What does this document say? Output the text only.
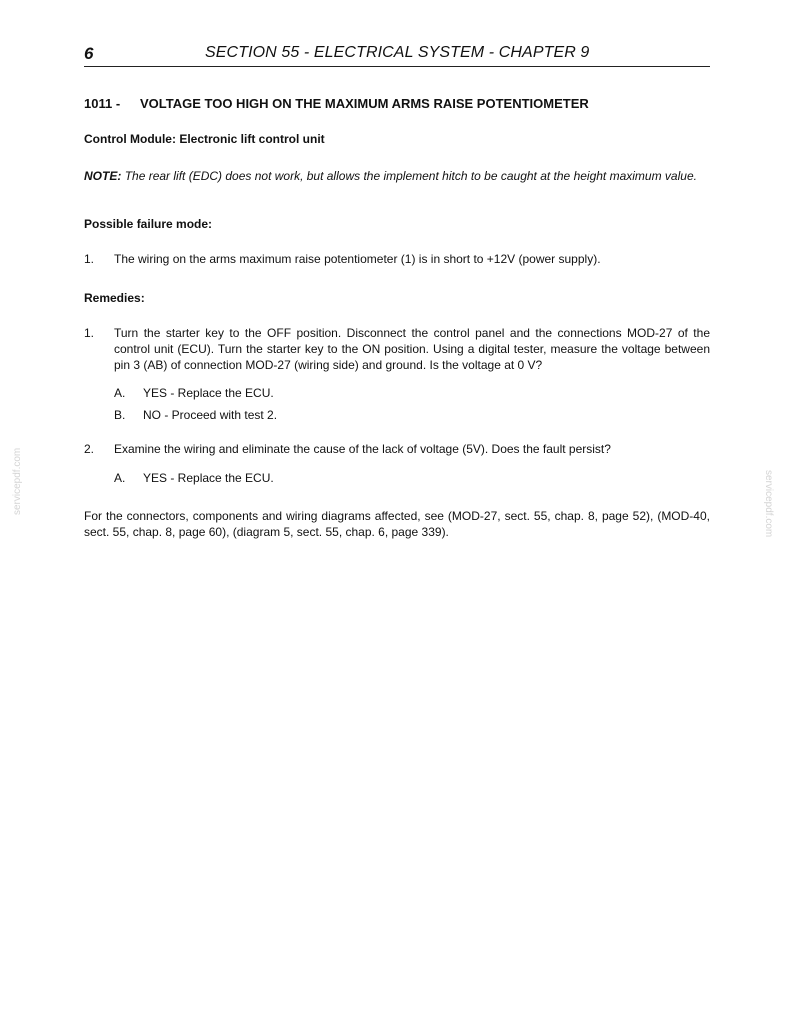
6	SECTION 55 - ELECTRICAL SYSTEM - CHAPTER 9
1011 - VOLTAGE TOO HIGH ON THE MAXIMUM ARMS RAISE POTENTIOMETER
Control Module: Electronic lift control unit
NOTE: The rear lift (EDC) does not work, but allows the implement hitch to be caught at the height maximum value.
Possible failure mode:
1. The wiring on the arms maximum raise potentiometer (1) is in short to +12V (power supply).
Remedies:
1. Turn the starter key to the OFF position. Disconnect the control panel and the connections MOD-27 of the control unit (ECU). Turn the starter key to the ON position. Using a digital tester, measure the voltage between pin 3 (AB) of connection MOD-27 (wiring side) and ground. Is the voltage at 0 V?
A. YES - Replace the ECU.
B. NO - Proceed with test 2.
2. Examine the wiring and eliminate the cause of the lack of voltage (5V). Does the fault persist?
A. YES - Replace the ECU.
For the connectors, components and wiring diagrams affected, see (MOD-27, sect. 55, chap. 8, page 52), (MOD-40, sect. 55, chap. 8, page 60), (diagram 5, sect. 55, chap. 6, page 339).
servicepdf.com	servicepdf.com
